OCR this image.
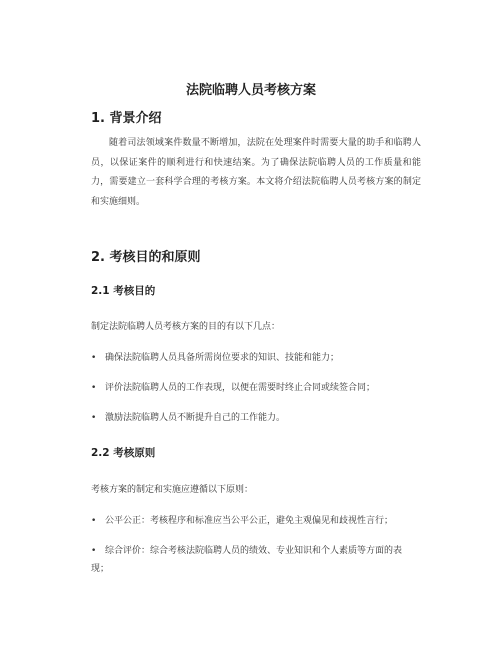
法院临聘人员考核方案
1. 背景介绍

随着司法领域案件数量不断增加，法院在处理案件时需要大量的助手和临聘人员，以保证案件的顺利进行和快速结案。为了确保法院临聘人员的工作质量和能力，需要建立一套科学合理的考核方案。本文将介绍法院临聘人员考核方案的制定和实施细则。

2. 考核目的和原则
2.1 考核目的
制定法院临聘人员考核方案的目的有以下几点：
• 确保法院临聘人员具备所需岗位要求的知识、技能和能力；
• 评价法院临聘人员的工作表现，以便在需要时终止合同或续签合同；
• 激励法院临聘人员不断提升自己的工作能力。
2.2 考核原则
考核方案的制定和实施应遵循以下原则：
• 公平公正：考核程序和标准应当公平公正，避免主观偏见和歧视性言行；
• 综合评价：综合考核法院临聘人员的绩效、专业知识和个人素质等方面的表
现；
